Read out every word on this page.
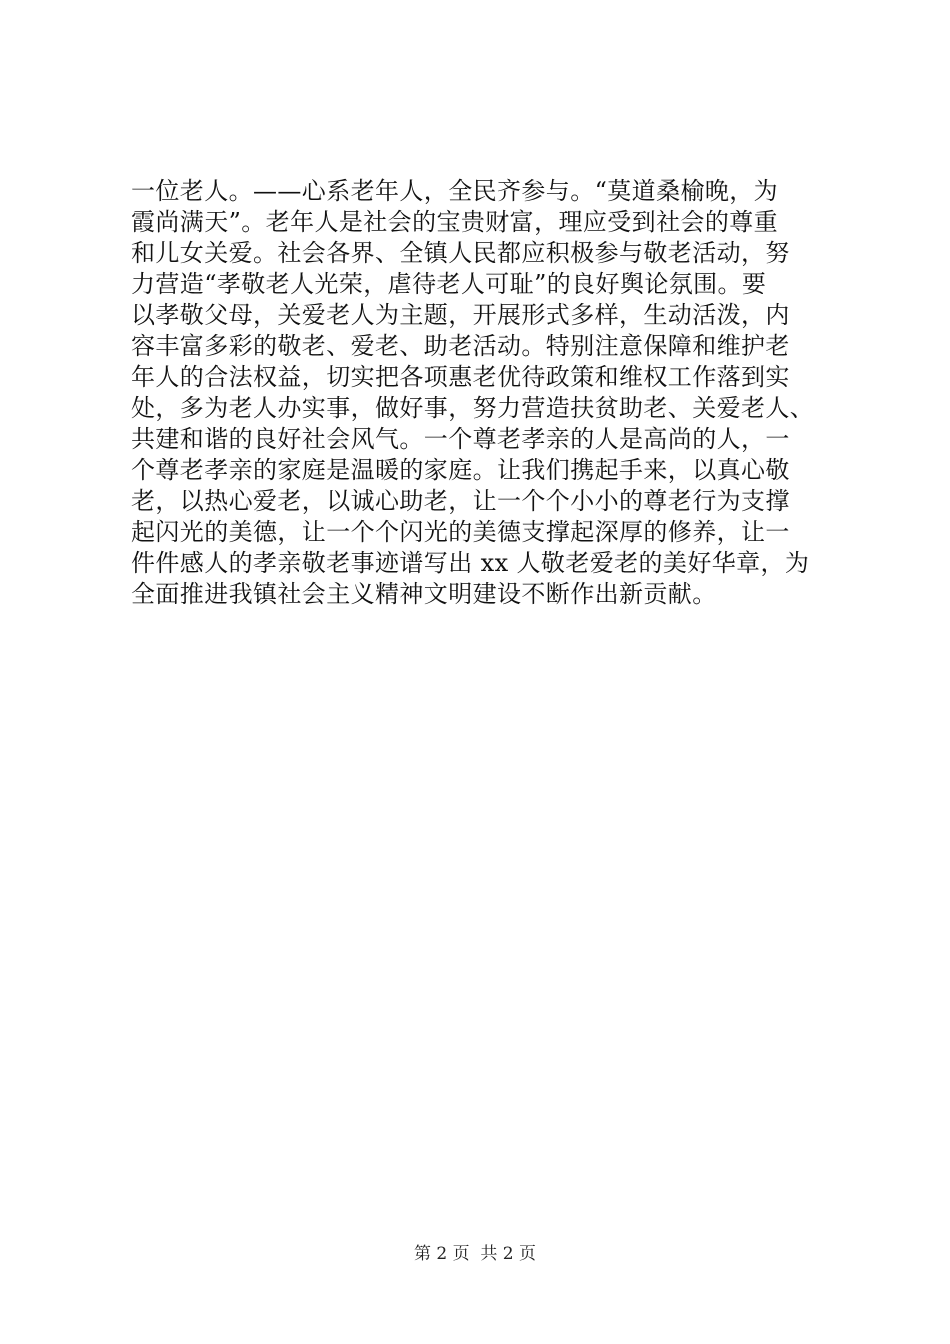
一位老人。——心系老年人，全民齐参与。“莫道桑榆晚，为
霞尚满天”。老年人是社会的宝贵财富，理应受到社会的尊重
和儿女关爱。社会各界、全镇人民都应积极参与敬老活动，努
力营造“孝敬老人光荣，虐待老人可耻”的良好舆论氛围。要
以孝敬父母，关爱老人为主题，开展形式多样，生动活泼，内
容丰富多彩的敬老、爱老、助老活动。特别注意保障和维护老
年人的合法权益，切实把各项惠老优待政策和维权工作落到实
处，多为老人办实事，做好事，努力营造扶贫助老、关爱老人、
共建和谐的良好社会风气。一个尊老孝亲的人是高尚的人，一
个尊老孝亲的家庭是温暖的家庭。让我们携起手来，以真心敬
老，以热心爱老，以诚心助老，让一个个小小的尊老行为支撑
起闪光的美德，让一个个闪光的美德支撑起深厚的修养，让一
件件感人的孝亲敬老事迹谱写出 xx 人敬老爱老的美好华章，为
全面推进我镇社会主义精神文明建设不断作出新贡献。
第 2 页  共 2 页
